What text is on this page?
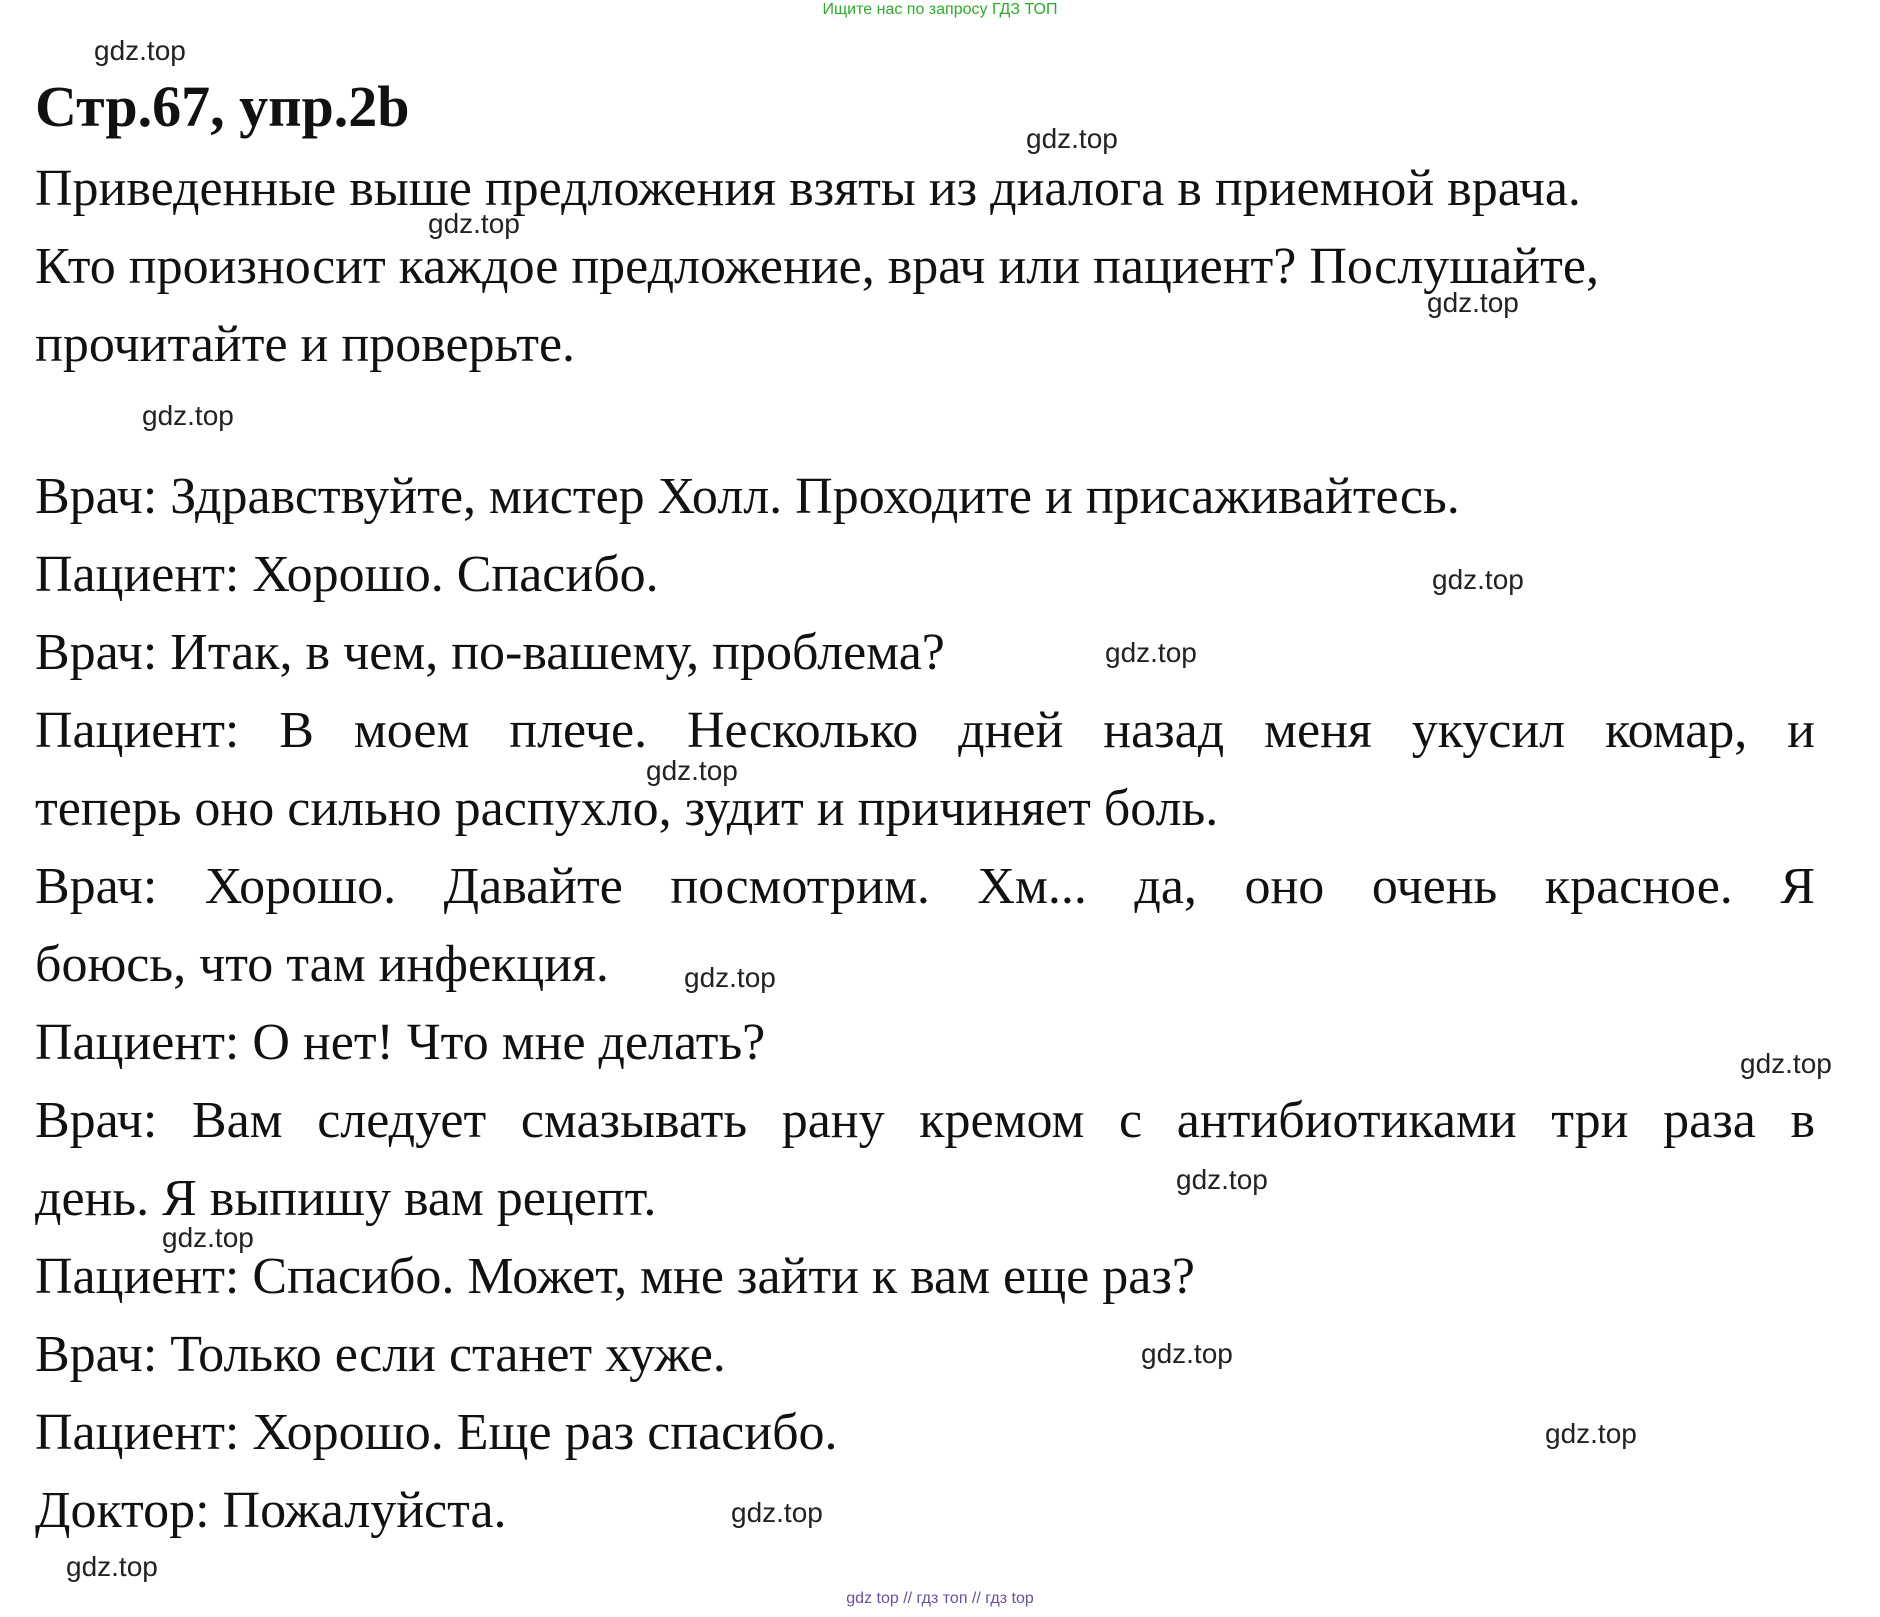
Ищите нас по запросу ГДЗ ТОП
Стр.67, упр.2b
Приведенные выше предложения взяты из диалога в приемной врача.
Кто произносит каждое предложение, врач или пациент? Послушайте,
прочитайте и проверьте.
Врач: Здравствуйте, мистер Холл. Проходите и присаживайтесь.
Пациент: Хорошо. Спасибо.
Врач: Итак, в чем, по-вашему, проблема?
Пациент: В моем плече. Несколько дней назад меня укусил комар, и
теперь оно сильно распухло, зудит и причиняет боль.
Врач: Хорошо. Давайте посмотрим. Хм... да, оно очень красное. Я
боюсь, что там инфекция.
Пациент: О нет! Что мне делать?
Врач: Вам следует смазывать рану кремом с антибиотиками три раза в
день. Я выпишу вам рецепт.
Пациент: Спасибо. Может, мне зайти к вам еще раз?
Врач: Только если станет хуже.
Пациент: Хорошо. Еще раз спасибо.
Доктор: Пожалуйста.
gdz.top
gdz.top
gdz.top
gdz.top
gdz.top
gdz.top
gdz.top
gdz.top
gdz.top
gdz.top
gdz.top
gdz.top
gdz.top
gdz.top
gdz.top
gdz.top
gdz top // гдз топ // гдз top
